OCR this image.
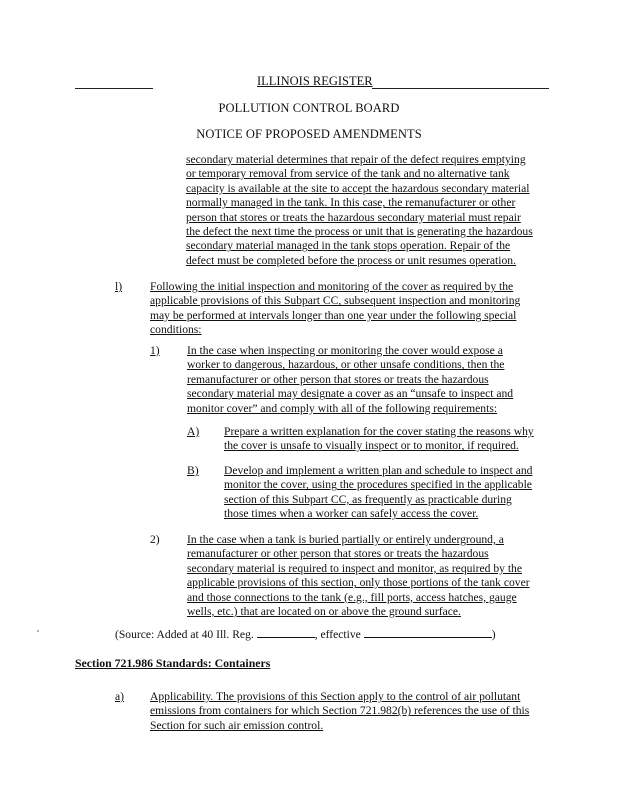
ILLINOIS REGISTER
POLLUTION CONTROL BOARD
NOTICE OF PROPOSED AMENDMENTS

secondary material determines that repair of the defect requires emptying

or temporary removal from service of the tank and no alternative tank

capacity is available at the site to accept the hazardous secondary material

normally managed in the tank. In this case, the remanufacturer or other

person that stores or treats the hazardous secondary material must repair

the defect the next time the process or unit that is generating the hazardous

secondary material managed in the tank stops operation. Repair of the

defect must be completed before the process or unit resumes operation.

l) Following the initial inspection and monitoring of the cover as required by the

applicable provisions of this Subpart CC, subsequent inspection and monitoring

may be performed at intervals longer than one year under the following special

conditions:

1) In the case when inspecting or monitoring the cover would expose a

worker to dangerous, hazardous, or other unsafe conditions, then the

remanufacturer or other person that stores or treats the hazardous

secondary material may designate a cover as an “unsafe to inspect and

monitor cover” and comply with all of the following requirements:

A) Prepare a written explanation for the cover stating the reasons why

the cover is unsafe to visually inspect or to monitor, if required.

B) Develop and implement a written plan and schedule to inspect and

monitor the cover, using the procedures specified in the applicable

section of this Subpart CC, as frequently as practicable during

those times when a worker can safely access the cover.

2) In the case when a tank is buried partially or entirely underground, a

remanufacturer or other person that stores or treats the hazardous

secondary material is required to inspect and monitor, as required by the

applicable provisions of this section, only those portions of the tank cover

and those connections to the tank (e.g., fill ports, access hatches, gauge

wells, etc.) that are located on or above the ground surface.

(Source: Added at 40 Ill. Reg.	, effective	)
Section 721.986 Standards: Containers
a) Applicability. The provisions of this Section apply to the control of air pollutant

emissions from containers for which Section 721.982(b) references the use of this

Section for such air emission control.
